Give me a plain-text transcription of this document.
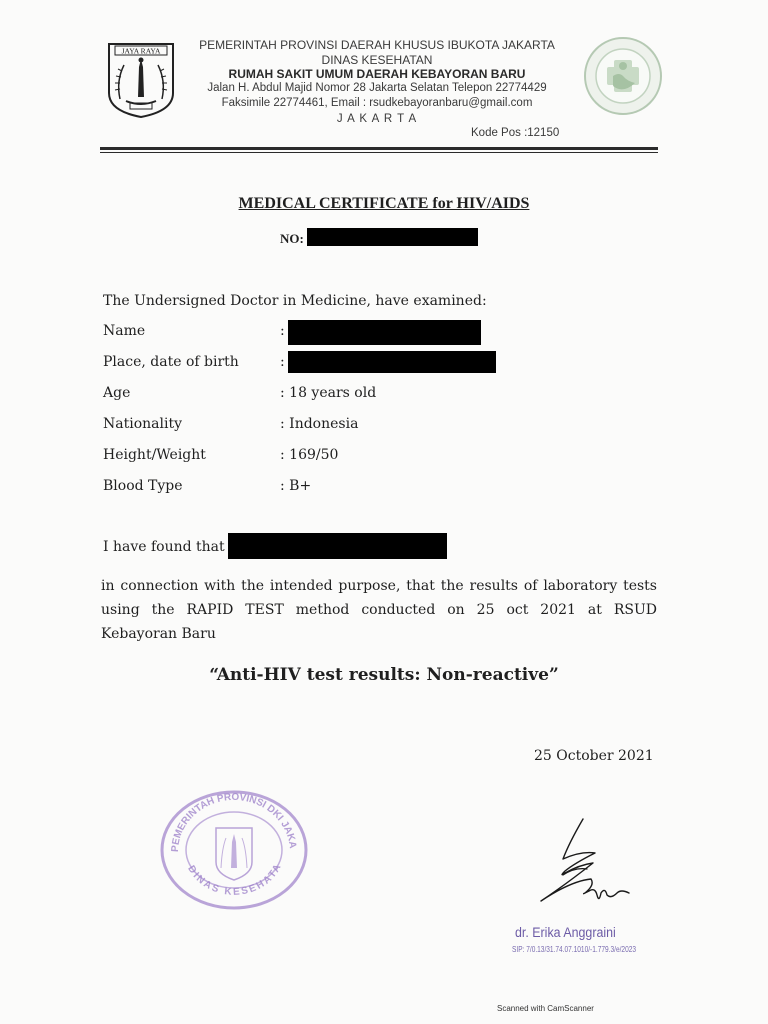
JAYA RAYA	PEMERINTAH PROVINSI DAERAH KHUSUS IBUKOTA JAKARTA
DINAS KESEHATAN
RUMAH SAKIT UMUM DAERAH KEBAYORAN BARU
Jalan H. Abdul Majid Nomor 28 Jakarta Selatan Telepon 22774429
Faksimile 22774461, Email : rsudkebayoranbaru@gmail.com
J A K A R T A
Kode Pos :12150
MEDICAL CERTIFICATE for HIV/AIDS
NO:
The Undersigned Doctor in Medicine, have examined:
Name	:
Place, date of birth	:
Age	: 18 years old
Nationality	: Indonesia
Height/Weight	: 169/50
Blood Type	: B+
I have found that
in connection with the intended purpose, that the results of laboratory tests
using the RAPID TEST method conducted on 25 oct 2021 at RSUD
Kebayoran Baru
“Anti-HIV test results: Non-reactive”
25 October 2021
PEMERINTAH PROVINSI DKI JAKA
DINAS KESEHATA
dr. Erika Anggraini
SIP: 7/0.13/31.74.07.1010/-1.779.3/e/2023
Scanned with CamScanner
